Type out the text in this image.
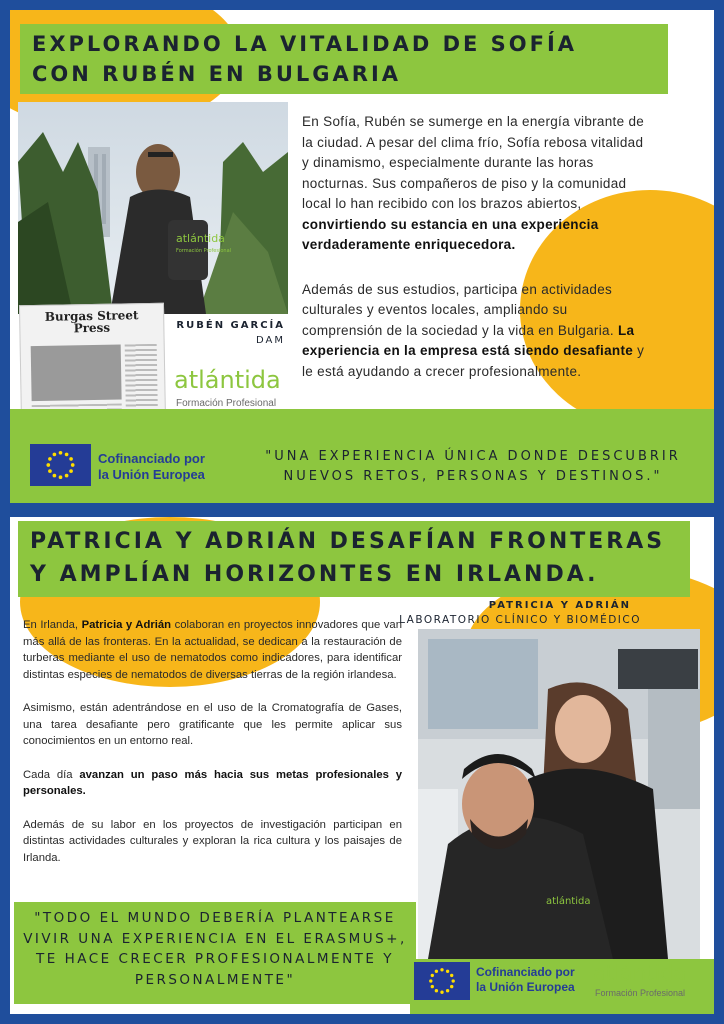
EXPLORANDO LA VITALIDAD DE SOFÍA
CON RUBÉN EN BULGARIA
atlántida
Formación Profesional
Burgas Street Press	RUBÉN GARCÍA
DAM
atlántida
Formación Profesional

En Sofía, Rubén se sumerge en la energía vibrante de la ciudad. A pesar del clima frío, Sofía rebosa vitalidad y dinamismo, especialmente durante las horas nocturnas. Sus compañeros de piso y la comunidad local lo han recibido con los brazos abiertos, convirtiendo su estancia en una experiencia verdaderamente enriquecedora.

Además de sus estudios, participa en actividades culturales y eventos locales, ampliando su comprensión de la sociedad y la vida en Bulgaria. La experiencia en la empresa está siendo desafiante y le está ayudando a crecer profesionalmente.

Cofinanciado por
la Unión Europea
"UNA EXPERIENCIA ÚNICA DONDE DESCUBRIR NUEVOS RETOS, PERSONAS Y DESTINOS."
PATRICIA Y ADRIÁN DESAFÍAN FRONTERAS
Y AMPLÍAN HORIZONTES EN IRLANDA.
PATRICIA Y ADRIÁN
LABORATORIO CLÍNICO Y BIOMÉDICO

En Irlanda, Patricia y Adrián colaboran en proyectos innovadores que van más allá de las fronteras. En la actualidad, se dedican a la restauración de turberas mediante el uso de nematodos como indicadores, para identificar distintas especies de nematodos de diversas tierras de la región irlandesa.

Asimismo, están adentrándose en el uso de la Cromatografía de Gases, una tarea desafiante pero gratificante que les permite aplicar sus conocimientos en un entorno real.

Cada día avanzan un paso más hacia sus metas profesionales y personales.

Además de su labor en los proyectos de investigación participan en distintas actividades culturales y exploran la rica cultura y los paisajes de Irlanda.

atlántida
"TODO EL MUNDO DEBERÍA PLANTEARSE VIVIR UNA EXPERIENCIA EN EL ERASMUS+, TE HACE CRECER PROFESIONALMENTE Y PERSONALMENTE"	Cofinanciado por
la Unión Europea
atlántida
Formación Profesional
